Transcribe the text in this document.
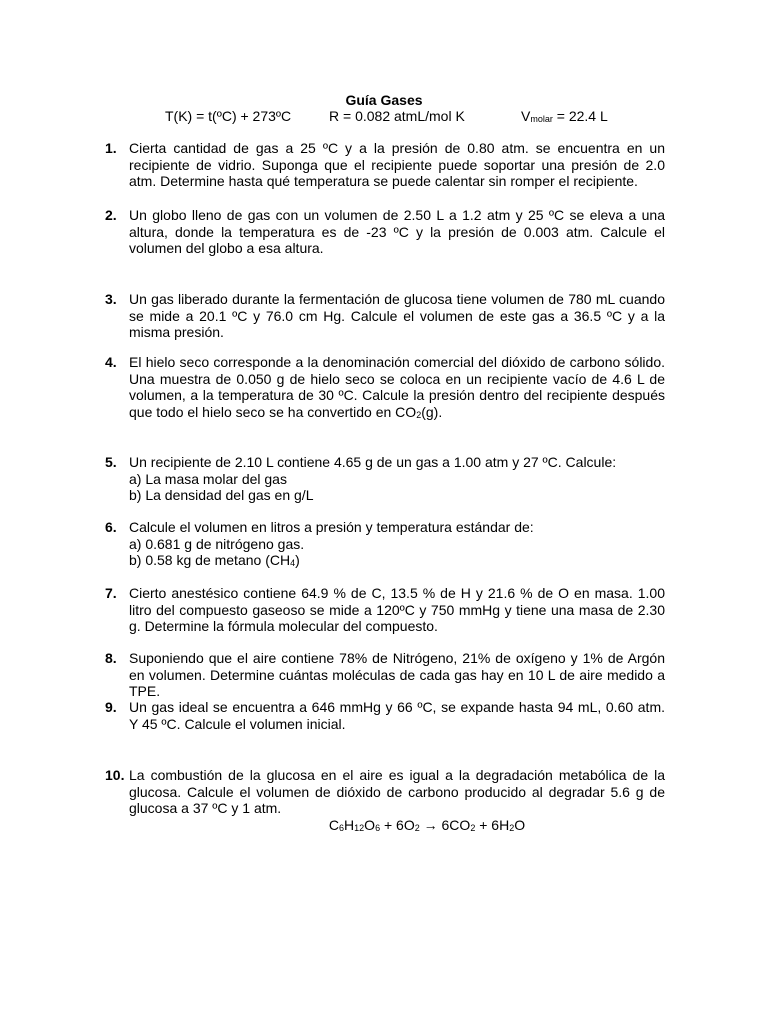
Guía Gases
T(K) = t(ºC) + 273ºC	R = 0.082 atmL/mol K	$V_{molar} = 22.4$ L
1. Cierta cantidad de gas a 25 ºC y a la presión de 0.80 atm. se encuentra en un recipiente de vidrio. Suponga que el recipiente puede soportar una presión de 2.0 atm. Determine hasta qué temperatura se puede calentar sin romper el recipiente.

2. Un globo lleno de gas con un volumen de 2.50 L a 1.2 atm y 25 ºC se eleva a una altura, donde la temperatura es de -23 ºC y la presión de 0.003 atm. Calcule el volumen del globo a esa altura.

3. Un gas liberado durante la fermentación de glucosa tiene volumen de 780 mL cuando se mide a 20.1 ºC y 76.0 cm Hg. Calcule el volumen de este gas a 36.5 ºC y a la misma presión.

4. El hielo seco corresponde a la denominación comercial del dióxido de carbono sólido. Una muestra de 0.050 g de hielo seco se coloca en un recipiente vacío de 4.6 L de volumen, a la temperatura de 30 ºC. Calcule la presión dentro del recipiente después que todo el hielo seco se ha convertido en $CO_2(g)$.

5. Un recipiente de 2.10 L contiene 4.65 g de un gas a 1.00 atm y 27 ºC. Calcule:

a) La masa molar del gas

b) La densidad del gas en g/L

6. Calcule el volumen en litros a presión y temperatura estándar de:

a) 0.681 g de nitrógeno gas.

b) 0.58 kg de metano $(CH_4)$

7. Cierto anestésico contiene 64.9 % de C, 13.5 % de H y 21.6 % de O en masa. 1.00 litro del compuesto gaseoso se mide a 120ºC y 750 mmHg y tiene una masa de 2.30 g. Determine la fórmula molecular del compuesto.

8. Suponiendo que el aire contiene 78% de Nitrógeno, 21% de oxígeno y 1% de Argón en volumen. Determine cuántas moléculas de cada gas hay en 10 L de aire medido a TPE.

9. Un gas ideal se encuentra a 646 mmHg y 66 ºC, se expande hasta 94 mL, 0.60 atm. Y 45 ºC. Calcule el volumen inicial.

10. La combustión de la glucosa en el aire es igual a la degradación metabólica de la glucosa. Calcule el volumen de dióxido de carbono producido al degradar 5.6 g de glucosa a 37 ºC y 1 atm.

$C_6H_{12}O_6 + 6O_2 \to 6CO_2 + 6H_2O$
